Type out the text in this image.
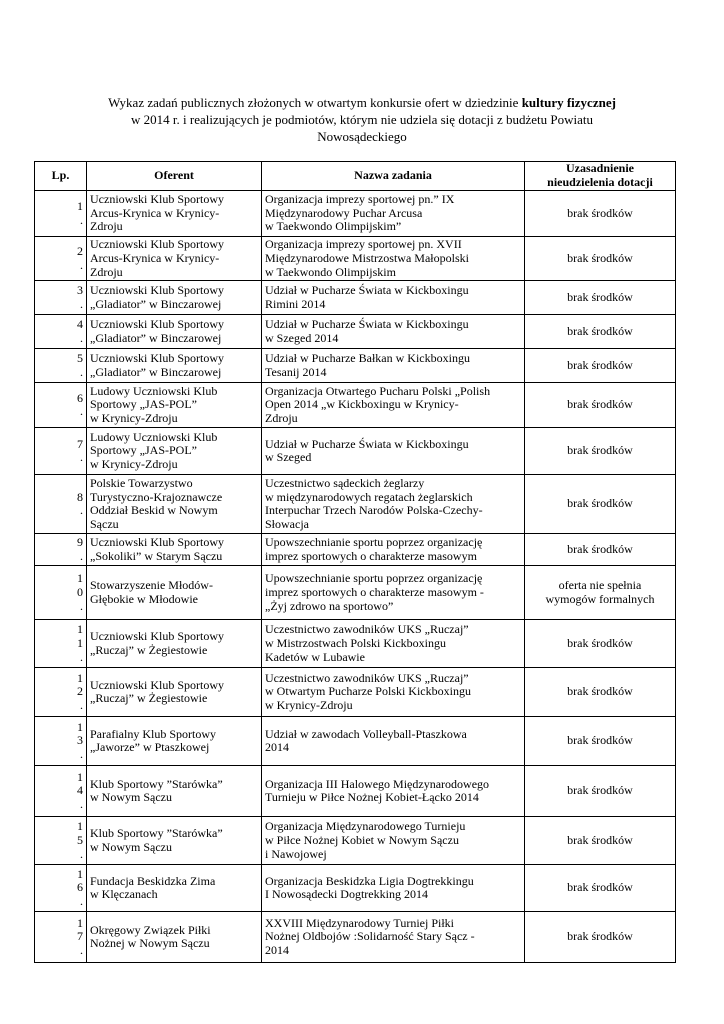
Wykaz zadań publicznych złożonych w otwartym konkursie ofert w dziedzinie kultury fizycznej
w 2014 r. i realizujących je podmiotów, którym nie udziela się dotacji z budżetu Powiatu
Nowosądeckiego
Lp.	Oferent	Nazwa zadania	Uzasadnienie
nieudzielenia dotacji

1
.	Uczniowski Klub Sportowy
Arcus-Krynica w Krynicy-
Zdroju	Organizacja imprezy sportowej pn.” IX
Międzynarodowy Puchar Arcusa
w Taekwondo Olimpijskim”	brak środków

2
.	Uczniowski Klub Sportowy
Arcus-Krynica w Krynicy-
Zdroju	Organizacja imprezy sportowej pn. XVII
Międzynarodowe Mistrzostwa Małopolski
w Taekwondo Olimpijskim	brak środków

3
.	Uczniowski Klub Sportowy
„Gladiator” w Binczarowej	Udział w Pucharze Świata w Kickboxingu
Rimini 2014	brak środków

4
.	Uczniowski Klub Sportowy
„Gladiator” w Binczarowej	Udział w Pucharze Świata w Kickboxingu
w Szeged 2014	brak środków

5
.	Uczniowski Klub Sportowy
„Gladiator” w Binczarowej	Udział w Pucharze Bałkan w Kickboxingu
Tesanij 2014	brak środków

6
.	Ludowy Uczniowski Klub
Sportowy „JAS-POL”
w Krynicy-Zdroju	Organizacja Otwartego Pucharu Polski „Polish
Open 2014 „w Kickboxingu w Krynicy-
Zdroju	brak środków

7
.	Ludowy Uczniowski Klub
Sportowy „JAS-POL”
w Krynicy-Zdroju	Udział w Pucharze Świata w Kickboxingu
w Szeged	brak środków

8
.	Polskie Towarzystwo
Turystyczno-Krajoznawcze
Oddział Beskid w Nowym
Sączu	Uczestnictwo sądeckich żeglarzy
w międzynarodowych regatach żeglarskich
Interpuchar Trzech Narodów Polska-Czechy-
Słowacja	brak środków

9
.	Uczniowski Klub Sportowy
„Sokoliki” w Starym Sączu	Upowszechnianie sportu poprzez organizację
imprez sportowych o charakterze masowym	brak środków

1
0
.	Stowarzyszenie Młodów-
Głębokie w Młodowie	Upowszechnianie sportu poprzez organizację
imprez sportowych o charakterze masowym -
„Żyj zdrowo na sportowo”	oferta nie spełnia
wymogów formalnych

1
1
.	Uczniowski Klub Sportowy
„Ruczaj” w Żegiestowie	Uczestnictwo zawodników UKS „Ruczaj”
w Mistrzostwach Polski Kickboxingu
Kadetów w Lubawie	brak środków

1
2
.	Uczniowski Klub Sportowy
„Ruczaj” w Żegiestowie	Uczestnictwo zawodników UKS „Ruczaj”
w Otwartym Pucharze Polski Kickboxingu
w Krynicy-Zdroju	brak środków

1
3
.	Parafialny Klub Sportowy
„Jaworze” w Ptaszkowej	Udział w zawodach Volleyball-Ptaszkowa
2014	brak środków

1
4
.	Klub Sportowy ”Starówka”
w Nowym Sączu	Organizacja III Halowego Międzynarodowego
Turnieju w Piłce Nożnej Kobiet-Łącko 2014	brak środków

1
5
.	Klub Sportowy ”Starówka”
w Nowym Sączu	Organizacja Międzynarodowego Turnieju
w Piłce Nożnej Kobiet w Nowym Sączu
i Nawojowej	brak środków

1
6
.	Fundacja Beskidzka Zima
w Klęczanach	Organizacja Beskidzka Ligia Dogtrekkingu
I Nowosądecki Dogtrekking 2014	brak środków

1
7
.	Okręgowy Związek Piłki
Nożnej w Nowym Sączu	XXVIII Międzynarodowy Turniej Piłki
Nożnej Oldbojów :Solidarność Stary Sącz -
2014	brak środków
